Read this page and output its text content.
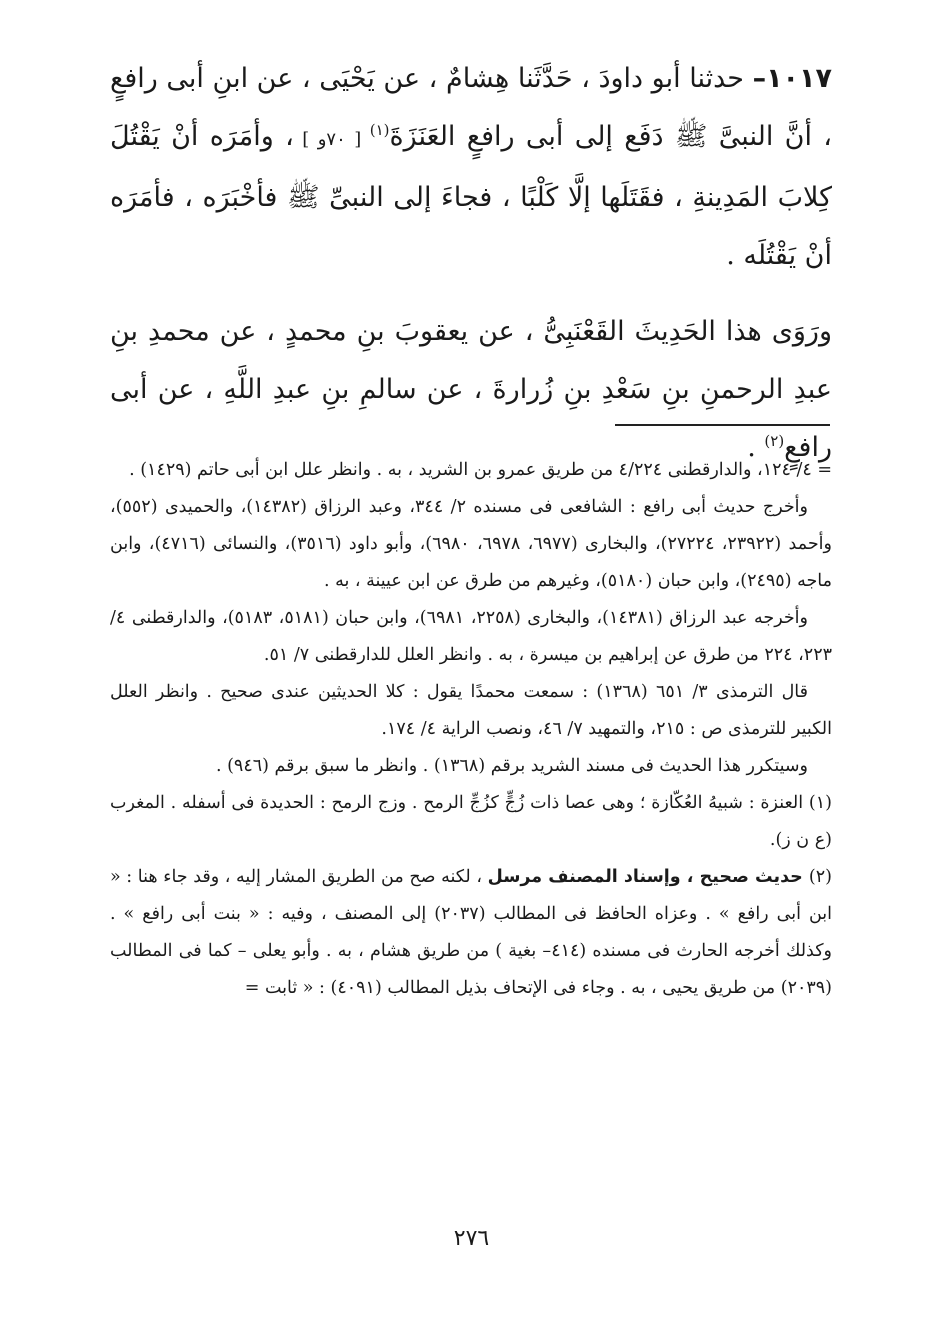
١٠١٧– حدثنا أبو داودَ ، حَدَّثَنا هِشامٌ ، عن يَحْيَى ، عن ابنِ أبى رافعٍ ، أنَّ النبىَّ ﷺ دَفَع إلى أبى رافعٍ العَنَزَةَ$^{(١)}$ [ ٧٠و ] ، وأمَرَه أنْ يَقْتُلَ كِلابَ المَدِينةِ ، فقَتَلَها إلَّا كَلْبًا ، فجاءَ إلى النبىِّ ﷺ فأخْبَرَه ، فأمَرَه أنْ يَقْتُلَه .

ورَوَى هذا الحَدِيثَ القَعْنَبِىُّ ، عن يعقوبَ بنِ محمدٍ ، عن محمدِ بنِ عبدِ الرحمنِ بنِ سَعْدِ بنِ زُرارةَ ، عن سالمِ بنِ عبدِ اللَّهِ ، عن أبى رافعٍ$^{(٢)}$ .

= ٤/ ١٢٤، والدارقطنى ٤/٢٢٤ من طريق عمرو بن الشريد ، به . وانظر علل ابن أبى حاتم (١٤٢٩) .

وأخرج حديث أبى رافع : الشافعى فى مسنده ٢/ ٣٤٤، وعبد الرزاق (١٤٣٨٢)، والحميدى (٥٥٢)، وأحمد (٢٣٩٢٢، ٢٧٢٢٤)، والبخارى (٦٩٧٧، ٦٩٧٨، ٦٩٨٠)، وأبو داود (٣٥١٦)، والنسائى (٤٧١٦)، وابن ماجه (٢٤٩٥)، وابن حبان (٥١٨٠)، وغيرهم من طرق عن ابن عيينة ، به .

وأخرجه عبد الرزاق (١٤٣٨١)، والبخارى (٢٢٥٨، ٦٩٨١)، وابن حبان (٥١٨١، ٥١٨٣)، والدارقطنى ٤/ ٢٢٣، ٢٢٤ من طرق عن إبراهيم بن ميسرة ، به . وانظر العلل للدارقطنى ٧/ ٥١.

قال الترمذى ٣/ ٦٥١ (١٣٦٨) : سمعت محمدًا يقول : كلا الحديثين عندى صحيح . وانظر العلل الكبير للترمذى ص : ٢١٥، والتمهيد ٧/ ٤٦، ونصب الراية ٤/ ١٧٤.

وسيتكرر هذا الحديث فى مسند الشريد برقم (١٣٦٨) . وانظر ما سبق برقم (٩٤٦) .

(١) العنزة : شبيهُ العُكّازة ؛ وهى عصا ذات زُجٍّ كزُجِّ الرمح . وزج الرمح : الحديدة فى أسفله . المغرب (ع ن ز).

(٢) حديث صحيح ، وإسناد المصنف مرسل ، لكنه صح من الطريق المشار إليه ، وقد جاء هنا : « ابن أبى رافع » . وعزاه الحافظ فى المطالب (٢٠٣٧) إلى المصنف ، وفيه : « بنت أبى رافع » . وكذلك أخرجه الحارث فى مسنده (٤١٤– بغية ) من طريق هشام ، به . وأبو يعلى – كما فى المطالب (٢٠٣٩) من طريق يحيى ، به . وجاء فى الإتحاف بذيل المطالب (٤٠٩١) : « ثابت =

٢٧٦
